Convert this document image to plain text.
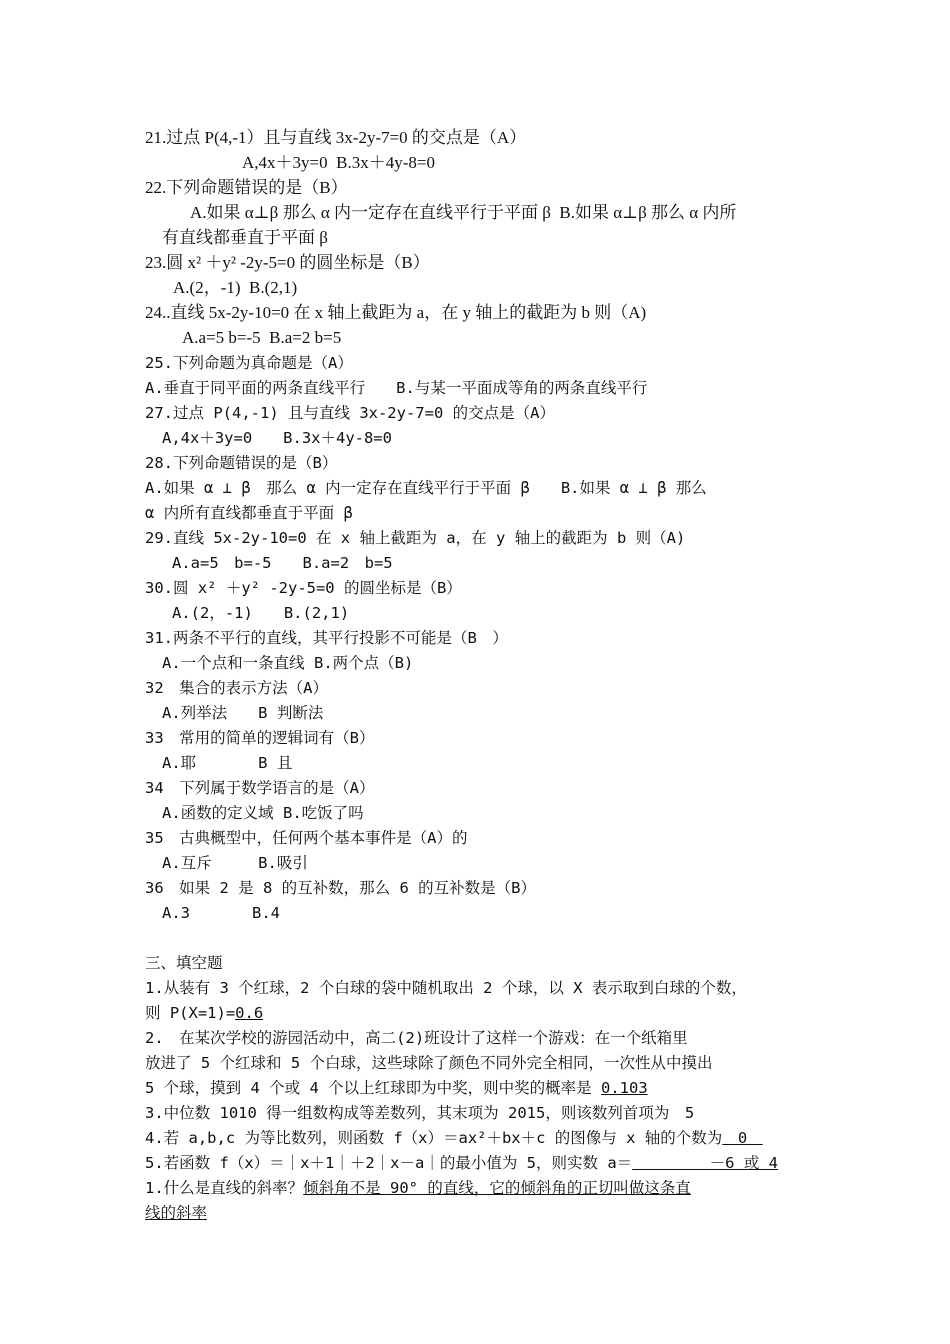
21.过点 P(4,-1）且与直线 3x-2y-7=0 的交点是（A）
A,4x＋3y=0  B.3x＋4y-8=0
22.下列命题错误的是（B）
A.如果 α⊥β 那么 α 内一定存在直线平行于平面 β  B.如果 α⊥β 那么 α 内所
有直线都垂直于平面 β
23.圆 x² ＋y² -2y-5=0 的圆坐标是（B）
A.(2，-1)  B.(2,1)
24..直线 5x-2y-10=0 在 x 轴上截距为 a，在 y 轴上的截距为 b 则（A)
A.a=5 b=-5  B.a=2 b=5
25.下列命题为真命题是（A）
A.垂直于同平面的两条直线平行　　B.与某一平面成等角的两条直线平行
27.过点 P(4,-1) 且与直线 3x-2y-7=0 的交点是（A）
A,4x＋3y=0　　B.3x＋4y-8=0
28.下列命题错误的是（B）
A.如果 α ⊥ β　那么 α 内一定存在直线平行于平面 β　　B.如果 α ⊥ β 那么
α 内所有直线都垂直于平面 β
29.直线 5x-2y-10=0 在 x 轴上截距为 a，在 y 轴上的截距为 b 则（A)
A.a=5　b=-5　　B.a=2　b=5
30.圆 x² ＋y² -2y-5=0 的圆坐标是（B）
A.(2，-1)　　B.(2,1)
31.两条不平行的直线，其平行投影不可能是（B　）
A.一个点和一条直线 B.两个点（B)
32　集合的表示方法（A）
A.列举法　　B 判断法
33　常用的简单的逻辑词有（B）
A.耶　　　　B 且
34　下列属于数学语言的是（A）
A.函数的定义域 B.吃饭了吗
35　古典概型中，任何两个基本事件是（A）的
A.互斥　　　B.吸引
36　如果 2 是 8 的互补数，那么 6 的互补数是（B）
A.3　　　　B.4
三、填空题
1.从装有 3 个红球，2 个白球的袋中随机取出 2 个球，以 X 表示取到白球的个数，
则 P(X=1)=0.6
2.　在某次学校的游园活动中，高二(2)班设计了这样一个游戏：在一个纸箱里
放进了 5 个红球和 5 个白球，这些球除了颜色不同外完全相同，一次性从中摸出
5 个球，摸到 4 个或 4 个以上红球即为中奖，则中奖的概率是 0.103
3.中位数 1010 得一组数构成等差数列，其末项为 2015，则该数列首项为　5
4.若 a,b,c 为等比数列，则函数 f（x）＝ax²＋bx＋c 的图像与 x 轴的个数为　0　
5.若函数 f（x）＝｜x＋1｜＋2｜x－a｜的最小值为 5，则实数 a＝　　　　　－6 或 4
1.什么是直线的斜率？倾斜角不是 90° 的直线，它的倾斜角的正切叫做这条直
线的斜率
